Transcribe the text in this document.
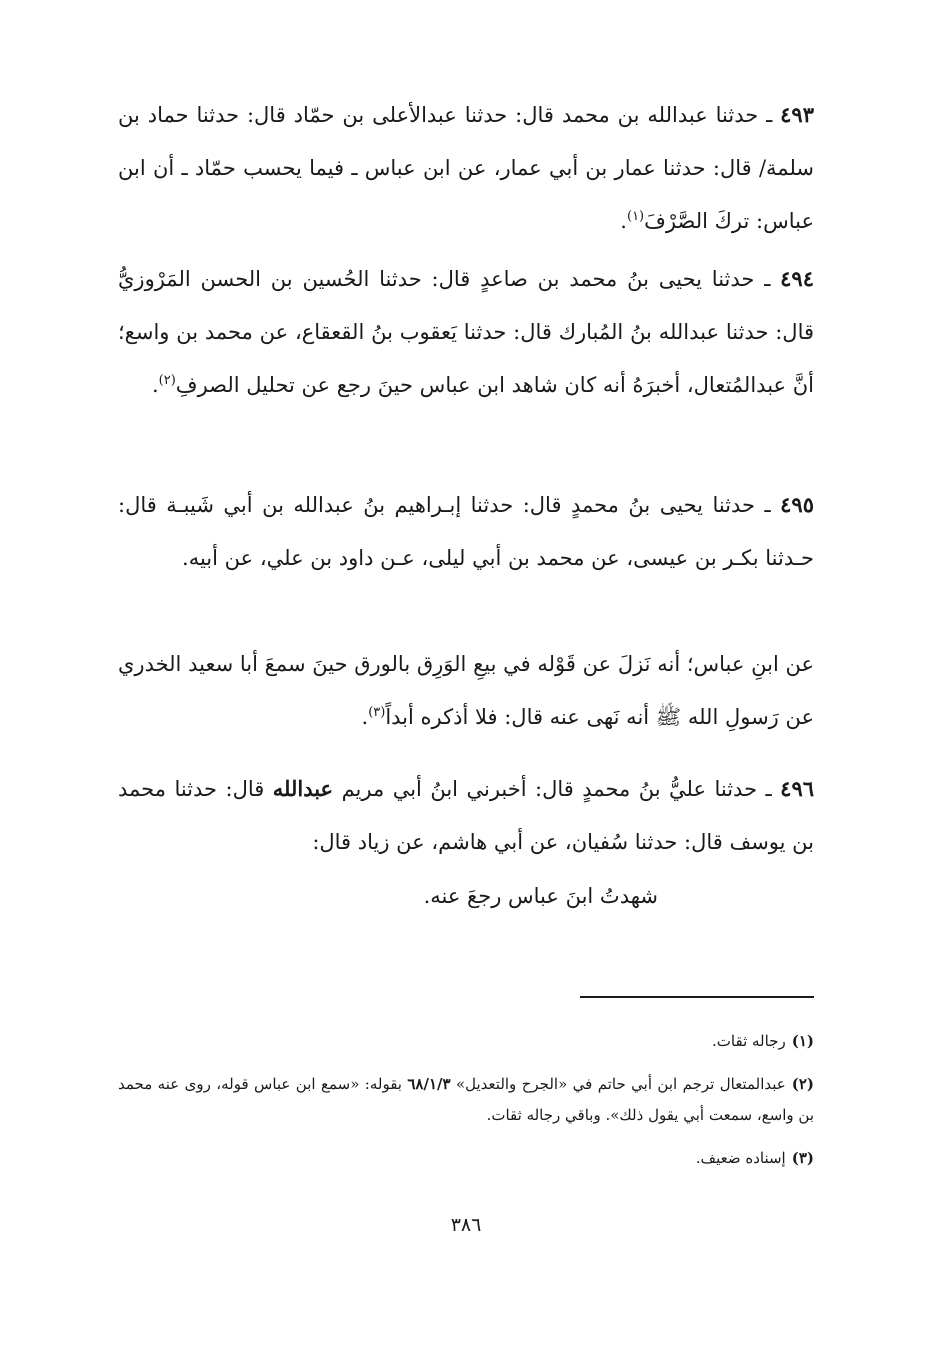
٤٩٣ ـ حدثنا عبدالله بن محمد قال: حدثنا عبدالأعلى بن حمّاد قال: حدثنا حماد بن سلمة/ قال: حدثنا عمار بن أبي عمار، عن ابن عباس ـ فيما يحسب حمّاد ـ أن ابن عباس: تركَ الصَّرْفَ$^{(١)}$.

٤٩٤ ـ حدثنا يحيى بنُ محمد بن صاعدٍ قال: حدثنا الحُسين بن الحسن المَرْوزيُّ قال: حدثنا عبدالله بنُ المُبارك قال: حدثنا يَعقوب بنُ القعقاع، عن محمد بن واسع؛ أنَّ عبدالمُتعال، أخبرَهُ أنه كان شاهد ابن عباس حينَ رجع عن تحليل الصرفِ$^{(٢)}$.

٤٩٥ ـ حدثنا يحيى بنُ محمدٍ قال: حدثنا إبـراهيم بنُ عبدالله بن أبي شَيبـة قال: حـدثنا بكـر بن عيسى، عن محمد بن أبي ليلى، عـن داود بن علي، عن أبيه.

عن ابنِ عباس؛ أنه نَزلَ عن قَوْله في بيعِ الوَرِق بالورق حينَ سمعَ أبا سعيد الخدري عن رَسولِ الله ﷺ أنه نَهى عنه قال: فلا أذكره أبداً$^{(٣)}$.

٤٩٦ ـ حدثنا عليُّ بنُ محمدٍ قال: أخبرني ابنُ أبي مريم عبدالله قال: حدثنا محمد بن يوسف قال: حدثنا سُفيان، عن أبي هاشم، عن زياد قال:

شهدتُ ابنَ عباس رجعَ عنه.

(١)رجاله ثقات.

(٢)عبدالمتعال ترجم ابن أبي حاتم في «الجرح والتعديل» ٦٨/١/٣ بقوله: «سمع ابن عباس قوله، روى عنه محمد بن واسع، سمعت أبي يقول ذلك». وباقي رجاله ثقات.

(٣)إسناده ضعيف.

٣٨٦
